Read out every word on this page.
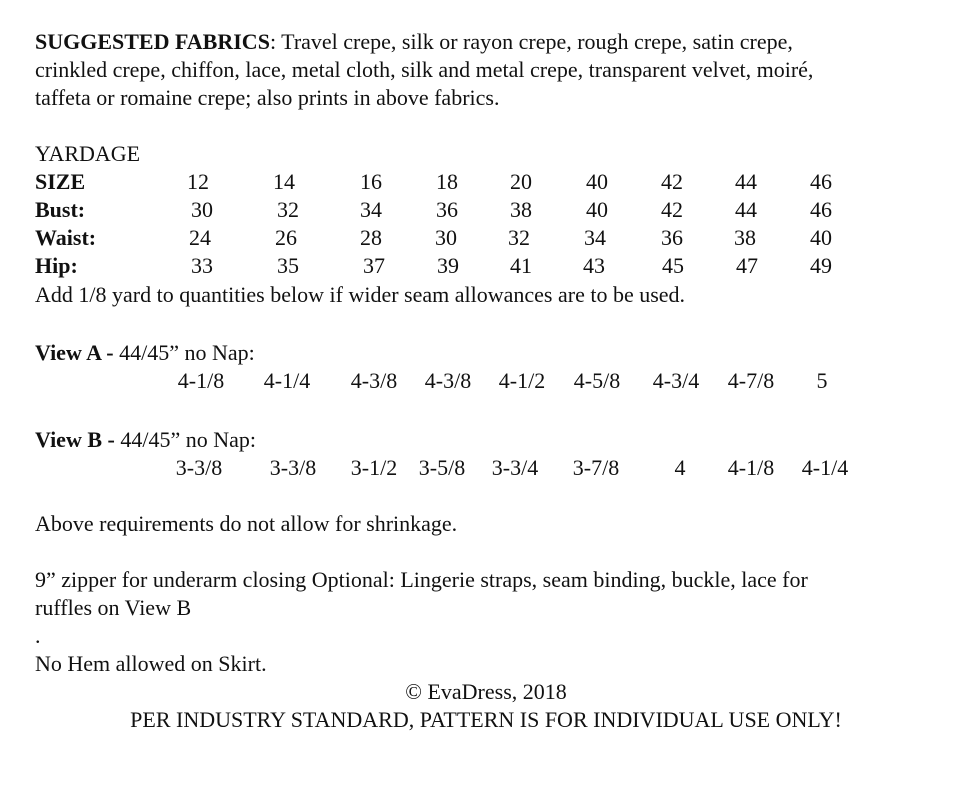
SUGGESTED FABRICS: Travel crepe, silk or rayon crepe, rough crepe, satin crepe,
crinkled crepe, chiffon, lace, metal cloth, silk and metal crepe, transparent velvet, moiré,
taffeta or romaine crepe; also prints in above fabrics.
YARDAGE
SIZE	12	14	16	18	20	40	42	44	46
Bust:	30	32	34	36	38	40	42	44	46
Waist:	24	26	28	30	32	34	36	38	40
Hip:	33	35	37	39	41	43	45	47	49
Add 1/8 yard to quantities below if wider seam allowances are to be used.
View A - 44/45” no Nap:
4-1/8	4-1/4	4-3/8	4-3/8	4-1/2	4-5/8	4-3/4	4-7/8	5
View B - 44/45” no Nap:
3-3/8	3-3/8	3-1/2 3-5/8	3-3/4	3-7/8	4	4-1/8	4-1/4
Above requirements do not allow for shrinkage.
9” zipper for underarm closing Optional: Lingerie straps, seam binding, buckle, lace for
ruffles on View B
.
No Hem allowed on Skirt.
© EvaDress, 2018
PER INDUSTRY STANDARD, PATTERN IS FOR INDIVIDUAL USE ONLY!
